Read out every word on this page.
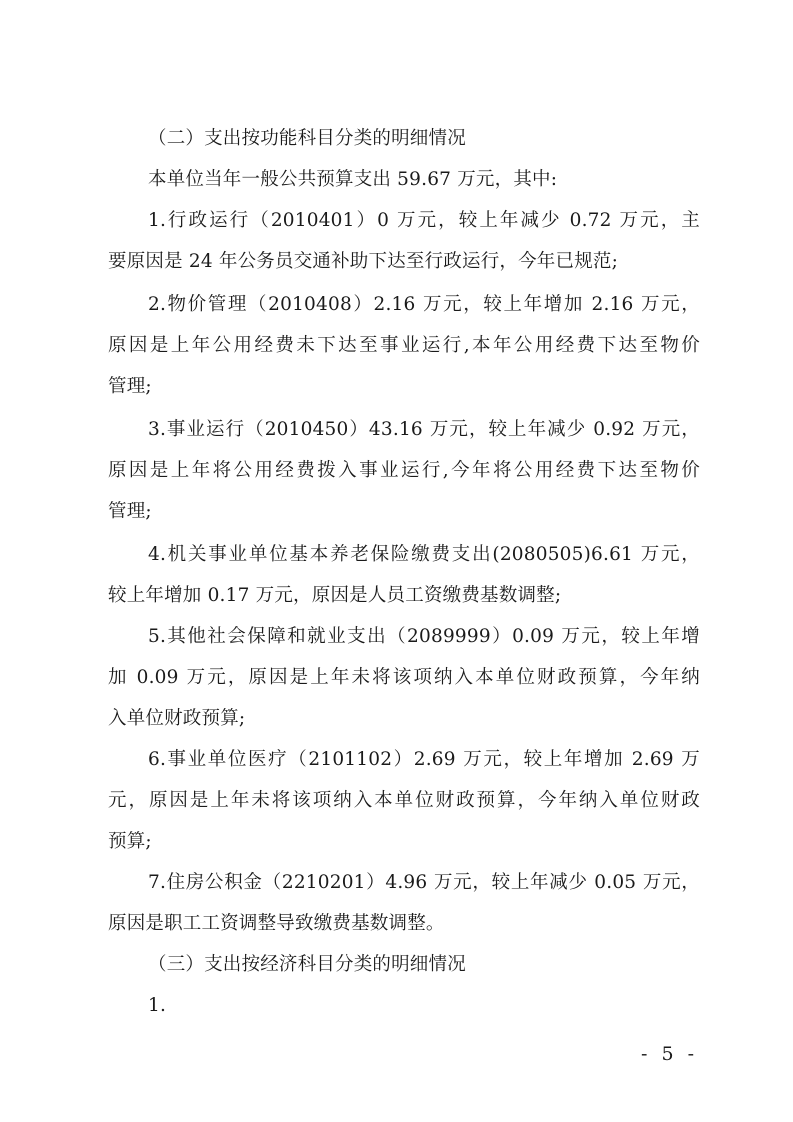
（二）支出按功能科目分类的明细情况
本单位当年一般公共预算支出 59.67 万元，其中:
1.行政运行（2010401）0 万元，较上年减少 0.72 万元，主
要原因是 24 年公务员交通补助下达至行政运行，今年已规范;
2.物价管理（2010408）2.16 万元，较上年增加 2.16 万元，
原因是上年公用经费未下达至事业运行,本年公用经费下达至物价
管理;
3.事业运行（2010450）43.16 万元，较上年减少 0.92 万元，
原因是上年将公用经费拨入事业运行,今年将公用经费下达至物价
管理;
4.机关事业单位基本养老保险缴费支出(2080505)6.61 万元，
较上年增加 0.17 万元，原因是人员工资缴费基数调整;
5.其他社会保障和就业支出（2089999）0.09 万元，较上年增
加 0.09 万元，原因是上年未将该项纳入本单位财政预算，今年纳
入单位财政预算;
6.事业单位医疗（2101102）2.69 万元，较上年增加 2.69 万
元，原因是上年未将该项纳入本单位财政预算，今年纳入单位财政
预算;
7.住房公积金（2210201）4.96 万元，较上年减少 0.05 万元，
原因是职工工资调整导致缴费基数调整。
（三）支出按经济科目分类的明细情况
1.
- 5 -
